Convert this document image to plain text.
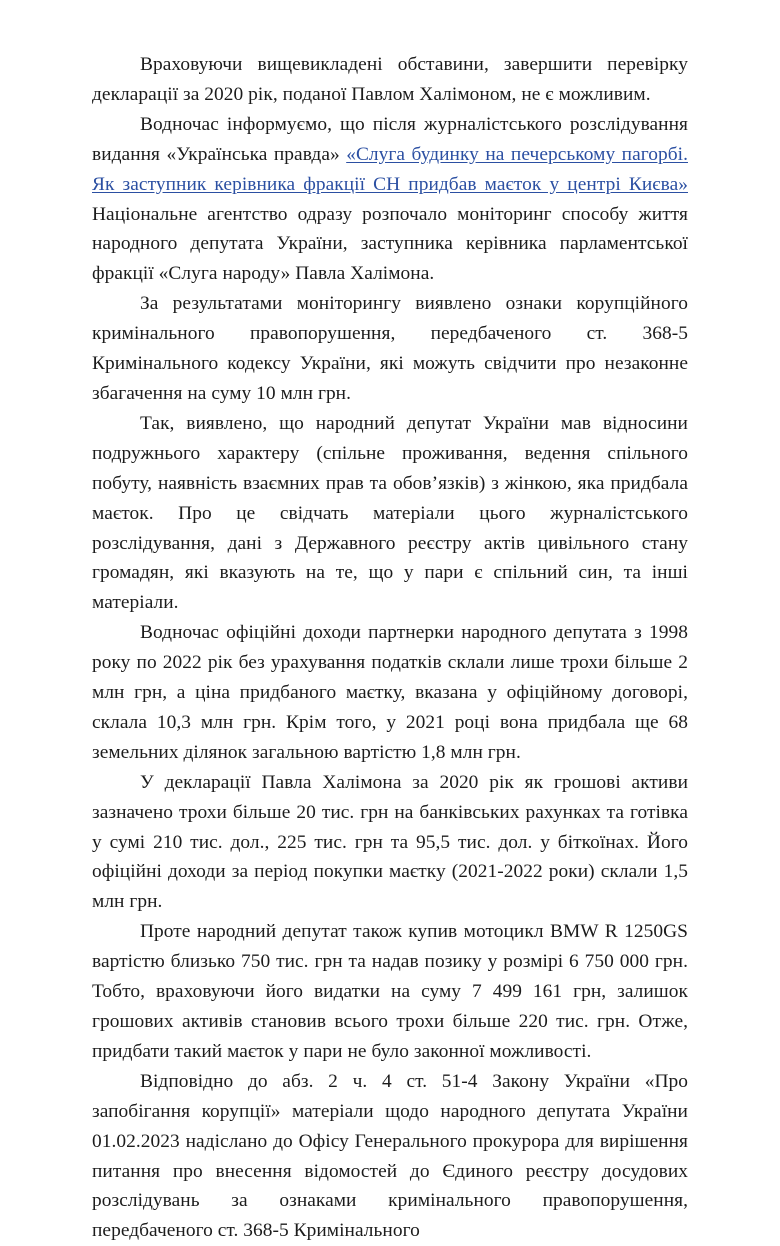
Враховуючи вищевикладені обставини, завершити перевірку декларації за 2020 рік, поданої Павлом Халімоном, не є можливим.

Водночас інформуємо, що після журналістського розслідування видання «Українська правда» «Слуга будинку на печерському пагорбі. Як заступник керівника фракції СН придбав маєток у центрі Києва» Національне агентство одразу розпочало моніторинг способу життя народного депутата України, заступника керівника парламентської фракції «Слуга народу» Павла Халімона.

За результатами моніторингу виявлено ознаки корупційного кримінального правопорушення, передбаченого ст. 368-5 Кримінального кодексу України, які можуть свідчити про незаконне збагачення на суму 10 млн грн.

Так, виявлено, що народний депутат України мав відносини подружнього характеру (спільне проживання, ведення спільного побуту, наявність взаємних прав та обов’язків) з жінкою, яка придбала маєток. Про це свідчать матеріали цього журналістського розслідування, дані з Державного реєстру актів цивільного стану громадян, які вказують на те, що у пари є спільний син, та інші матеріали.

Водночас офіційні доходи партнерки народного депутата з 1998 року по 2022 рік без урахування податків склали лише трохи більше 2 млн грн, а ціна придбаного маєтку, вказана у офіційному договорі, склала 10,3 млн грн. Крім того, у 2021 році вона придбала ще 68 земельних ділянок загальною вартістю 1,8 млн грн.

У декларації Павла Халімона за 2020 рік як грошові активи зазначено трохи більше 20 тис. грн на банківських рахунках та готівка у сумі 210 тис. дол., 225 тис. грн та 95,5 тис. дол. у біткоїнах. Його офіційні доходи за період покупки маєтку (2021-2022 роки) склали 1,5 млн грн.

Проте народний депутат також купив мотоцикл BMW R 1250GS вартістю близько 750 тис. грн та надав позику у розмірі 6 750 000 грн. Тобто, враховуючи його видатки на суму 7 499 161 грн, залишок грошових активів становив всього трохи більше 220 тис. грн. Отже, придбати такий маєток у пари не було законної можливості.

Відповідно до абз. 2 ч. 4 ст. 51-4 Закону України «Про запобігання корупції» матеріали щодо народного депутата України 01.02.2023 надіслано до Офісу Генерального прокурора для вирішення питання про внесення відомостей до Єдиного реєстру досудових розслідувань за ознаками кримінального правопорушення, передбаченого ст. 368-5 Кримінального
